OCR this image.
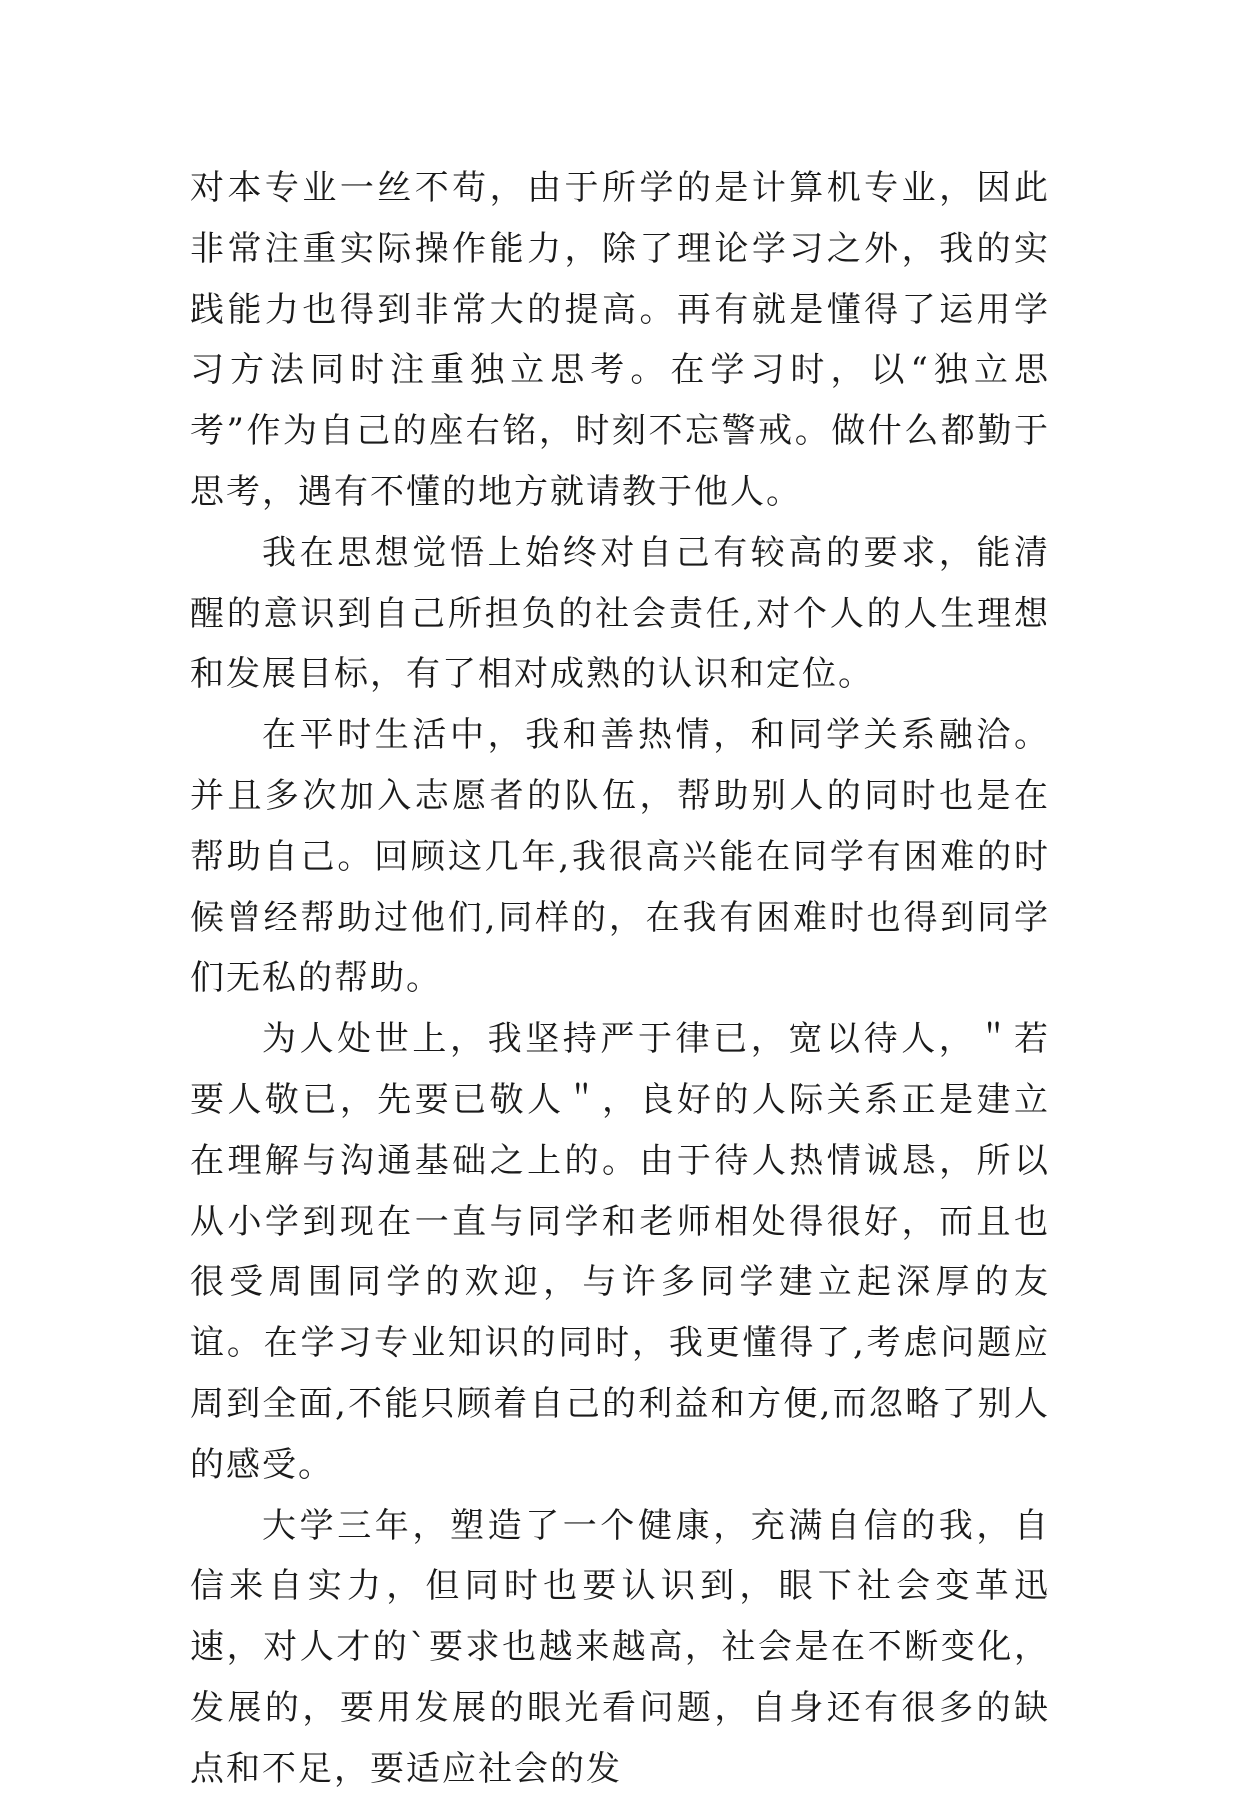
对本专业一丝不苟，由于所学的是计算机专业，因此非常注重实际操作能力，除了理论学习之外，我的实践能力也得到非常大的提高。再有就是懂得了运用学习方法同时注重独立思考。在学习时，以“独立思考”作为自己的座右铭，时刻不忘警戒。做什么都勤于思考，遇有不懂的地方就请教于他人。

我在思想觉悟上始终对自己有较高的要求，能清醒的意识到自己所担负的社会责任,对个人的人生理想和发展目标，有了相对成熟的认识和定位。

在平时生活中，我和善热情，和同学关系融洽。并且多次加入志愿者的队伍，帮助别人的同时也是在帮助自己。回顾这几年,我很高兴能在同学有困难的时候曾经帮助过他们,同样的，在我有困难时也得到同学们无私的帮助。

为人处世上，我坚持严于律已，宽以待人，＂若要人敬已，先要已敬人＂，良好的人际关系正是建立在理解与沟通基础之上的。由于待人热情诚恳，所以从小学到现在一直与同学和老师相处得很好，而且也很受周围同学的欢迎，与许多同学建立起深厚的友谊。在学习专业知识的同时，我更懂得了,考虑问题应周到全面,不能只顾着自己的利益和方便,而忽略了别人的感受。

大学三年，塑造了一个健康，充满自信的我，自信来自实力，但同时也要认识到，眼下社会变革迅速，对人才的`要求也越来越高，社会是在不断变化，发展的，要用发展的眼光看问题，自身还有很多的缺点和不足，要适应社会的发
